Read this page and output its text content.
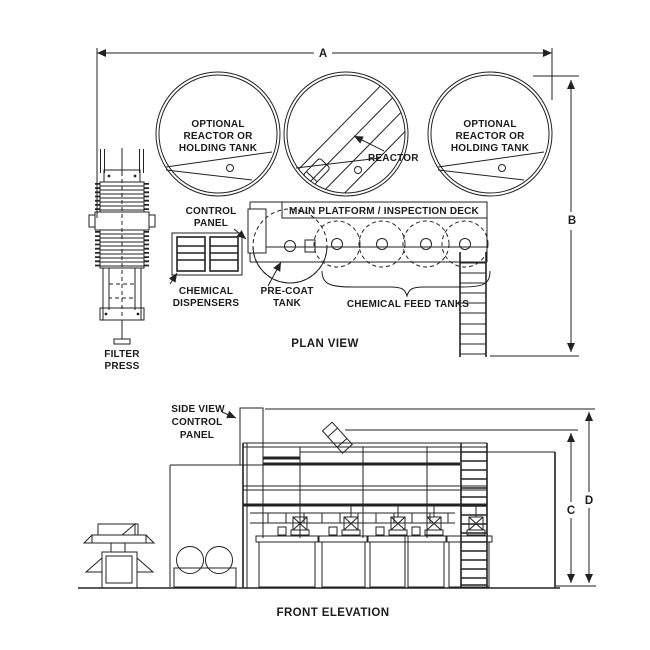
A
B
FILTER
PRESS
OPTIONAL
REACTOR OR
HOLDING TANK
REACTOR
OPTIONAL
REACTOR OR
HOLDING TANK
MAIN PLATFORM / INSPECTION DECK
CONTROL
PANEL
CHEMICAL
DISPENSERS
PRE-COAT
TANK	CHEMICAL FEED TANKS
PLAN VIEW
D
C
SIDE VIEW
CONTROL
PANEL
FRONT ELEVATION
